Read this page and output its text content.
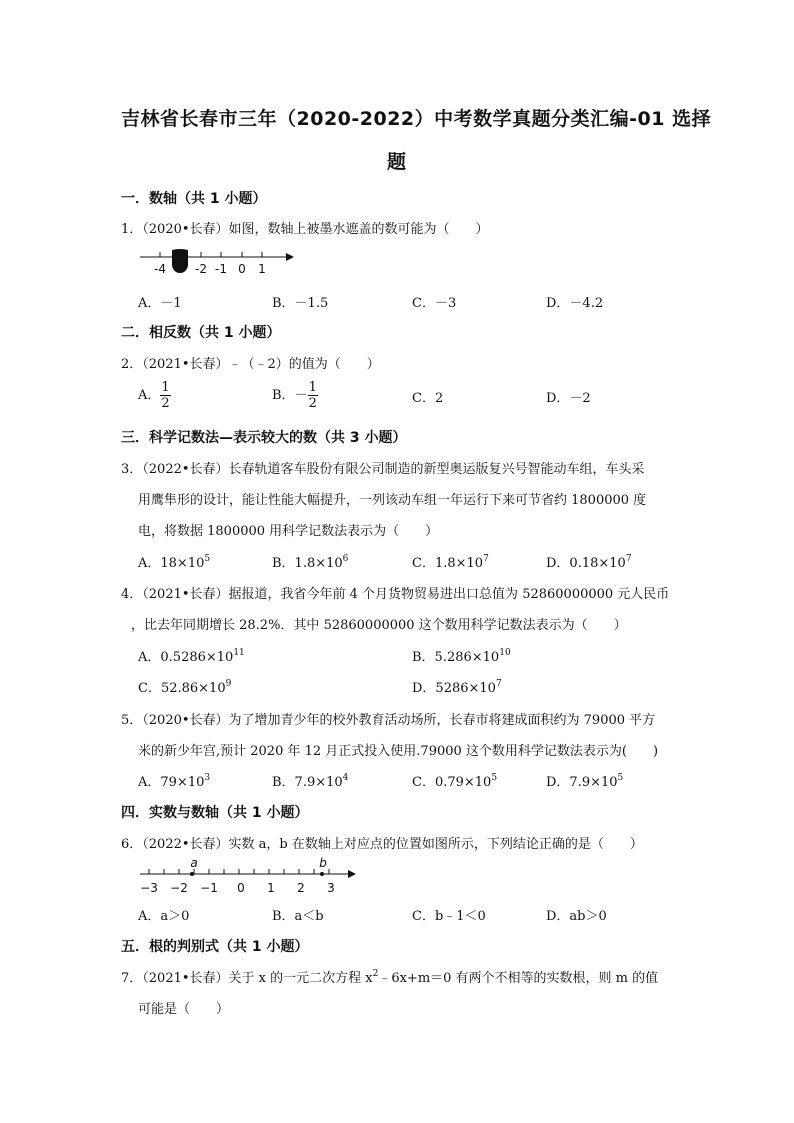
吉林省长春市三年（2020-2022）中考数学真题分类汇编-01 选择
题
一．数轴（共 1 小题）
1．（2020•长春）如图，数轴上被墨水遮盖的数可能为（　　）
-4 -2 -1 0 1
A．－1	B．－1.5	C．－3	D．－4.2
二．相反数（共 1 小题）
2．（2021•长春）﹣（﹣2）的值为（　　）
A． $\frac{1}{2}$	B．－ $\frac{1}{2}$	C．2	D．－2
三．科学记数法—表示较大的数（共 3 小题）
3．（2022•长春）长春轨道客车股份有限公司制造的新型奥运版复兴号智能动车组，车头采
用鹰隼形的设计，能让性能大幅提升，一列该动车组一年运行下来可节省约 1800000 度
电，将数据 1800000 用科学记数法表示为（　　）
A．$18\times 10^5$	B．$1.8\times 10^6$	C．$1.8\times 10^7$	D．$0.18\times 10^7$
4．（2021•长春）据报道，我省今年前 4 个月货物贸易进出口总值为 52860000000 元人民币
，比去年同期增长 28.2%．其中 52860000000 这个数用科学记数法表示为（　　）
A．$0.5286\times 10^{11}$	B．$5.286\times 10^{10}$
C．$52.86\times 10^9$	D．$5286\times 10^7$
5．（2020•长春）为了增加青少年的校外教育活动场所，长春市将建成面积约为 79000 平方
米的新少年宫,预计 2020 年 12 月正式投入使用.79000 这个数用科学记数法表示为(　　)
A．$79\times 10^3$	B．$7.9\times 10^4$	C．$0.79\times 10^5$	D．$7.9\times 10^5$
四．实数与数轴（共 1 小题）
6．（2022•长春）实数 a，b 在数轴上对应点的位置如图所示，下列结论正确的是（　　）
a	b
−3 −2 −1 0 1 2 3
A．a＞0	B．a＜b	C．b﹣1＜0	D．ab＞0
五．根的判别式（共 1 小题）
7．（2021•长春）关于 x 的一元二次方程 $x^2﹣6x+m=0$ 有两个不相等的实数根，则 m 的值
可能是（　　）
